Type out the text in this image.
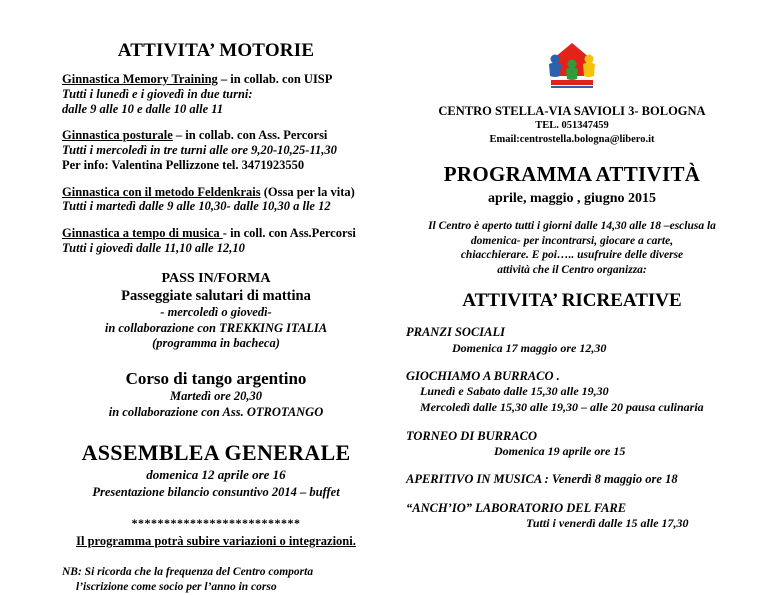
ATTIVITA’ MOTORIE
Ginnastica Memory Training – in collab. con UISP
Tutti i lunedì e i giovedì in due turni:
dalle 9 alle 10 e dalle 10 alle 11
Ginnastica posturale – in collab. con Ass. Percorsi
Tutti i mercoledì in tre turni alle ore 9,20-10,25-11,30
Per info: Valentina Pellizzone tel. 3471923550
Ginnastica con il metodo Feldenkrais (Ossa per la vita)
Tutti i martedì dalle 9 alle 10,30- dalle 10,30 a lle 12
Ginnastica a tempo di musica - in coll. con Ass.Percorsi
Tutti i giovedì dalle 11,10 alle 12,10
PASS IN/FORMA
Passeggiate salutari di mattina
- mercoledì o giovedì-
in collaborazione con TREKKING ITALIA
(programma in bacheca)
Corso di tango argentino
Martedì ore 20,30
in collaborazione con Ass. OTROTANGO
ASSEMBLEA GENERALE
domenica 12 aprile ore 16
Presentazione bilancio consuntivo 2014 – buffet
**************************
Il programma potrà subire variazioni o integrazioni.
NB: Si ricorda che la frequenza del Centro comporta
l’iscrizione come socio per l’anno in corso
CENTRO STELLA-VIA SAVIOLI 3- BOLOGNA
TEL. 051347459
Email:centrostella.bologna@libero.it
PROGRAMMA ATTIVITÀ
aprile, maggio , giugno 2015
Il Centro è aperto tutti i giorni dalle 14,30 alle 18 –esclusa la
domenica- per incontrarsi, giocare a carte,
chiacchierare. E poi….. usufruire delle diverse
attività che il Centro organizza:
ATTIVITA’ RICREATIVE
PRANZI SOCIALI
Domenica 17 maggio ore 12,30
GIOCHIAMO A BURRACO .
Lunedì e Sabato dalle 15,30 alle 19,30
Mercoledì dalle 15,30 alle 19,30 – alle 20 pausa culinaria
TORNEO DI BURRACO
Domenica 19 aprile ore 15
APERITIVO IN MUSICA : Venerdì 8 maggio ore 18
“ANCH’IO” LABORATORIO DEL FARE
Tutti i venerdì dalle 15 alle 17,30
